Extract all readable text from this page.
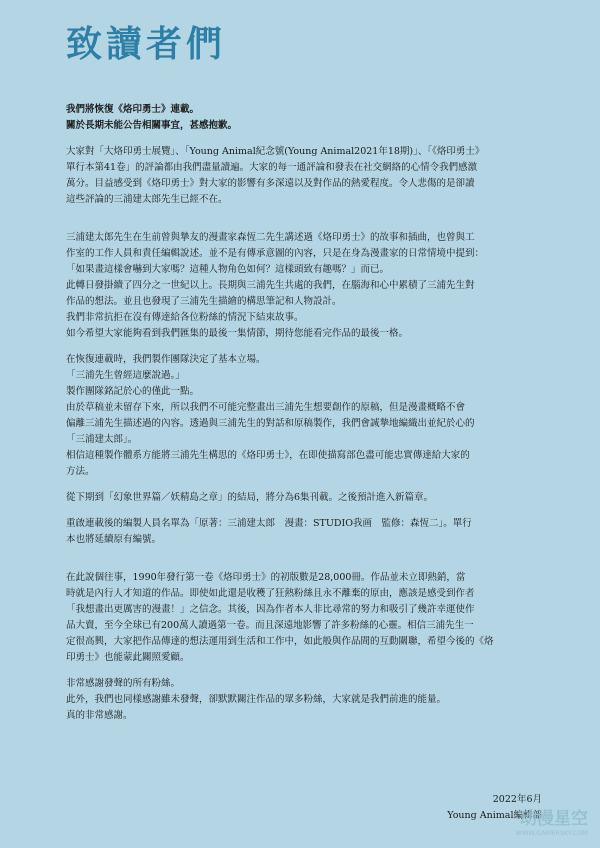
致讀者們
我們將恢復《烙印勇士》連載。
關於長期未能公告相關事宜，甚感抱歉。
大家對「大烙印勇士展覽」、「Young Animal紀念號(Young Animal2021年18期)」、「《烙印勇士》
單行本第41卷」的評論都由我們盡量讀遍。大家的每一通評論和發表在社交網絡的心情令我們感激
萬分。目益感受到《烙印勇士》對大家的影響有多深遠以及對作品的熱愛程度。令人悲傷的是卻讀
這些評論的三浦建太郎先生已經不在。
三浦建太郎先生在生前曾與摯友的漫畫家森恆二先生講述過《烙印勇士》的故事和插曲，也曾與工
作室的工作人員和責任編輯說述。並不是有傳承意圖的內容，只是在身為漫畫家的日常情境中提到：
「如果畫這樣會嚇到大家嗎？這種人物角色如何？這樣頭致有趣嗎？」而已。
此轉日發掛續了四分之一世紀以上。長期與三浦先生共處的我們，在腦海和心中累積了三浦先生對
作品的想法。並且也發現了三浦先生描繪的構思筆記和人物設計。
我們非常抗拒在沒有傳達給各位粉絲的情況下結束故事。
如今希望大家能夠看到我們匯集的最後一集情節，期待您能看完作品的最後一格。
在恢復連載時，我們製作團隊決定了基本立場。
「三浦先生曾經這麼說過。」
製作團隊銘記於心的僅此一點。
由於草稿並未留存下來，所以我們不可能完整畫出三浦先生想要創作的原稿，但是漫畫概略不會
偏離三浦先生描述過的內容。透過與三浦先生的對話和原稿製作，我們會誠摯地編織出並紀於心的
「三浦建太郎」。
相信這種製作體系方能將三浦先生構思的《烙印勇士》，在即使描寫部色盡可能忠實傳達給大家的
方法。
從下期到「幻象世界篇／妖精島之章」的結局，將分為6集刊載。之後預計進入新篇章。
重啟連載後的編製人員名單為「原著：三浦建太郎　漫畫：STUDIO我画　監修：森恆二」。單行
本也將延續原有編號。
在此說個往事，1990年發行第一卷《烙印勇士》的初版數是28,000冊。作品並未立即熱銷，當
時就是內行人才知道的作品。即使如此還是收穫了狂熱粉絲且永不離棄的原由，應該是感受到作者
「我想畫出更厲害的漫畫！」之信念。其後，因為作者本人非比尋常的努力和吸引了幾許幸運使作
品大賣，至今全球已有200萬人讀過第一卷。而且深遠地影響了許多粉絲的心靈。相信三浦先生一
定很高興，大家把作品傳達的想法運用到生活和工作中，如此般與作品間的互動關聯，希望今後的《烙
印勇士》也能蒙此關照愛顧。
非常感謝發聲的所有粉絲。
此外，我們也同樣感謝雖未發聲，卻默默關注作品的眾多粉絲，大家就是我們前進的能量。
真的非常感謝。
2022年6月
Young Animal編輯部
动漫星空
WWW.GAMERSKY.COM
